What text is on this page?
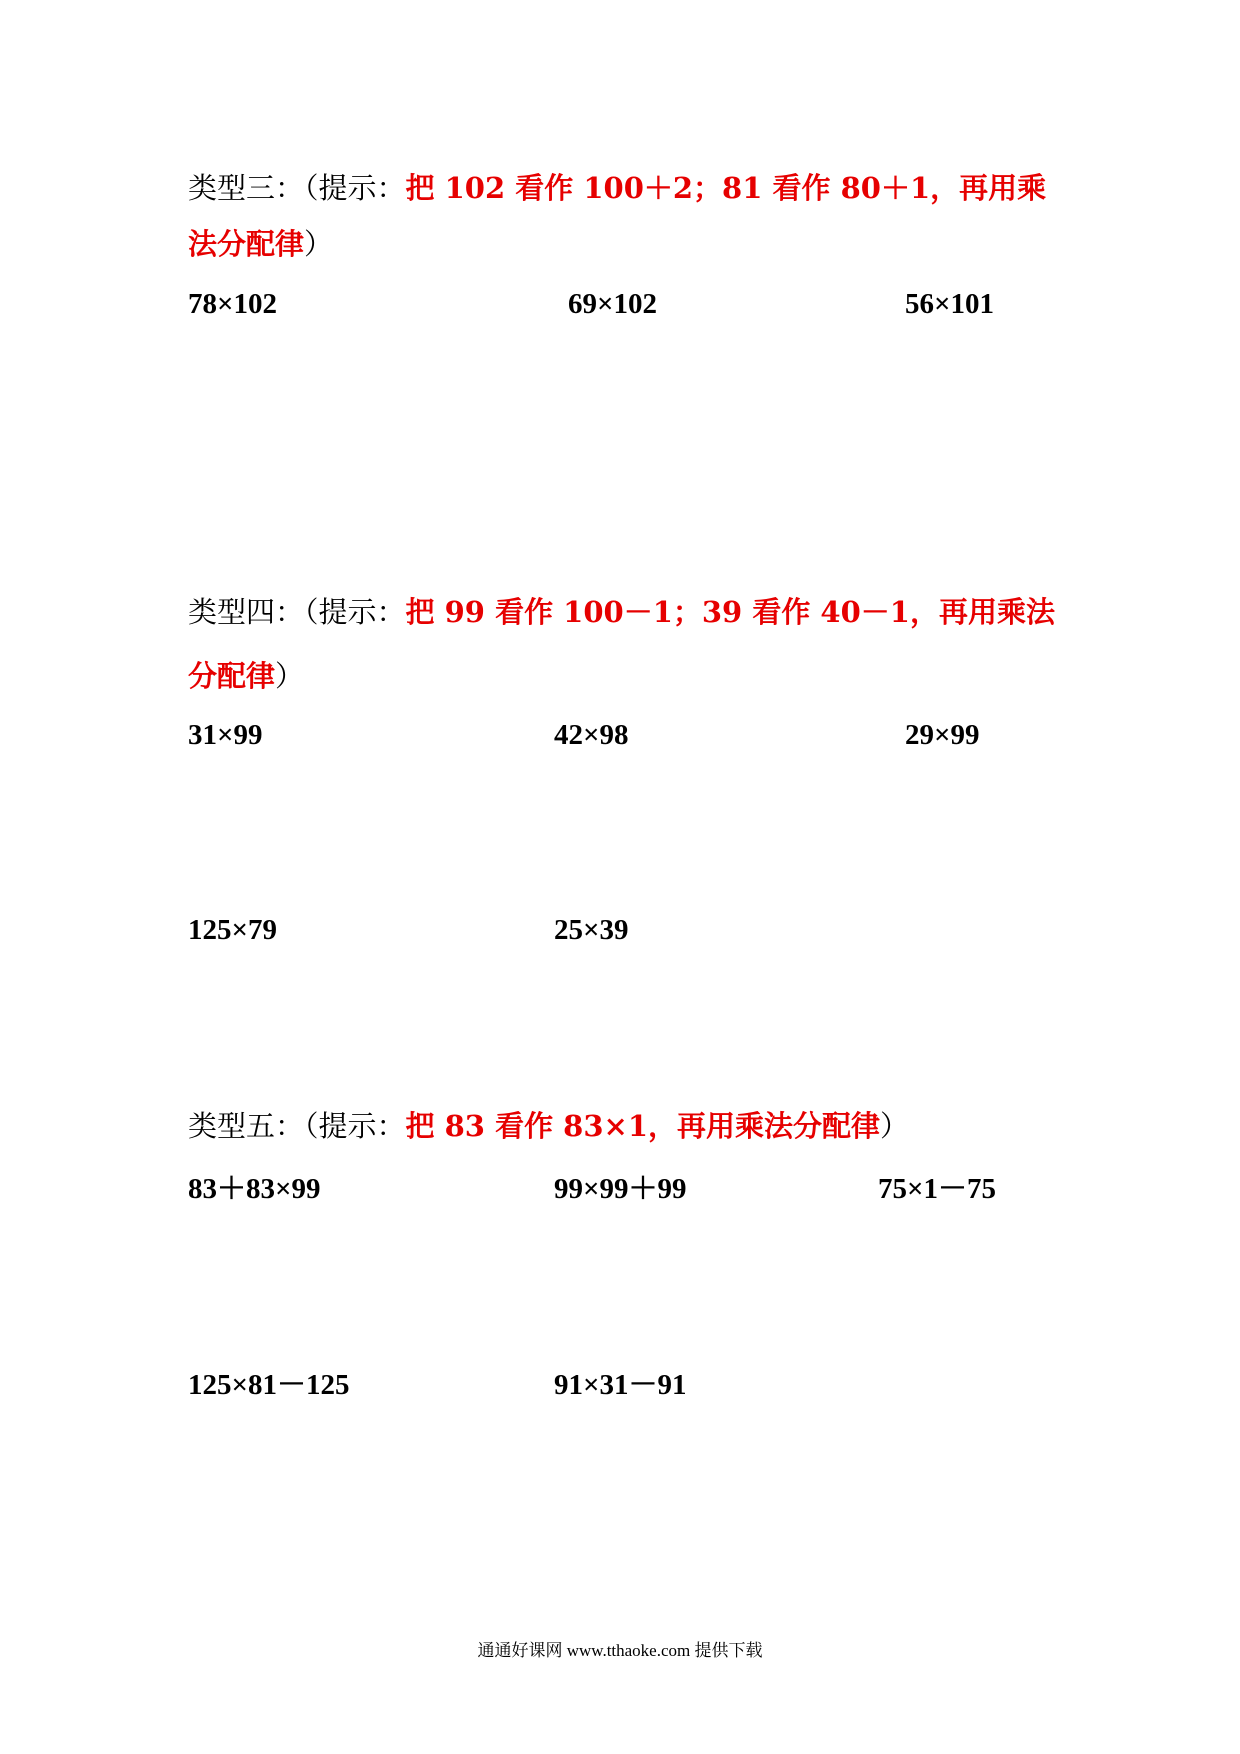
类型三：（提示：把 102 看作 100＋2；81 看作 80＋1，再用乘法分配律）
78×102	69×102	56×101
类型四：（提示：把 99 看作 100－1；39 看作 40－1，再用乘法分配律）
31×99	42×98	29×99
125×79	25×39
类型五：（提示：把 83 看作 83×1，再用乘法分配律）
83＋83×99	99×99＋99	75×1－75
125×81－125	91×31－91
通通好课网 www.tthaoke.com 提供下载
